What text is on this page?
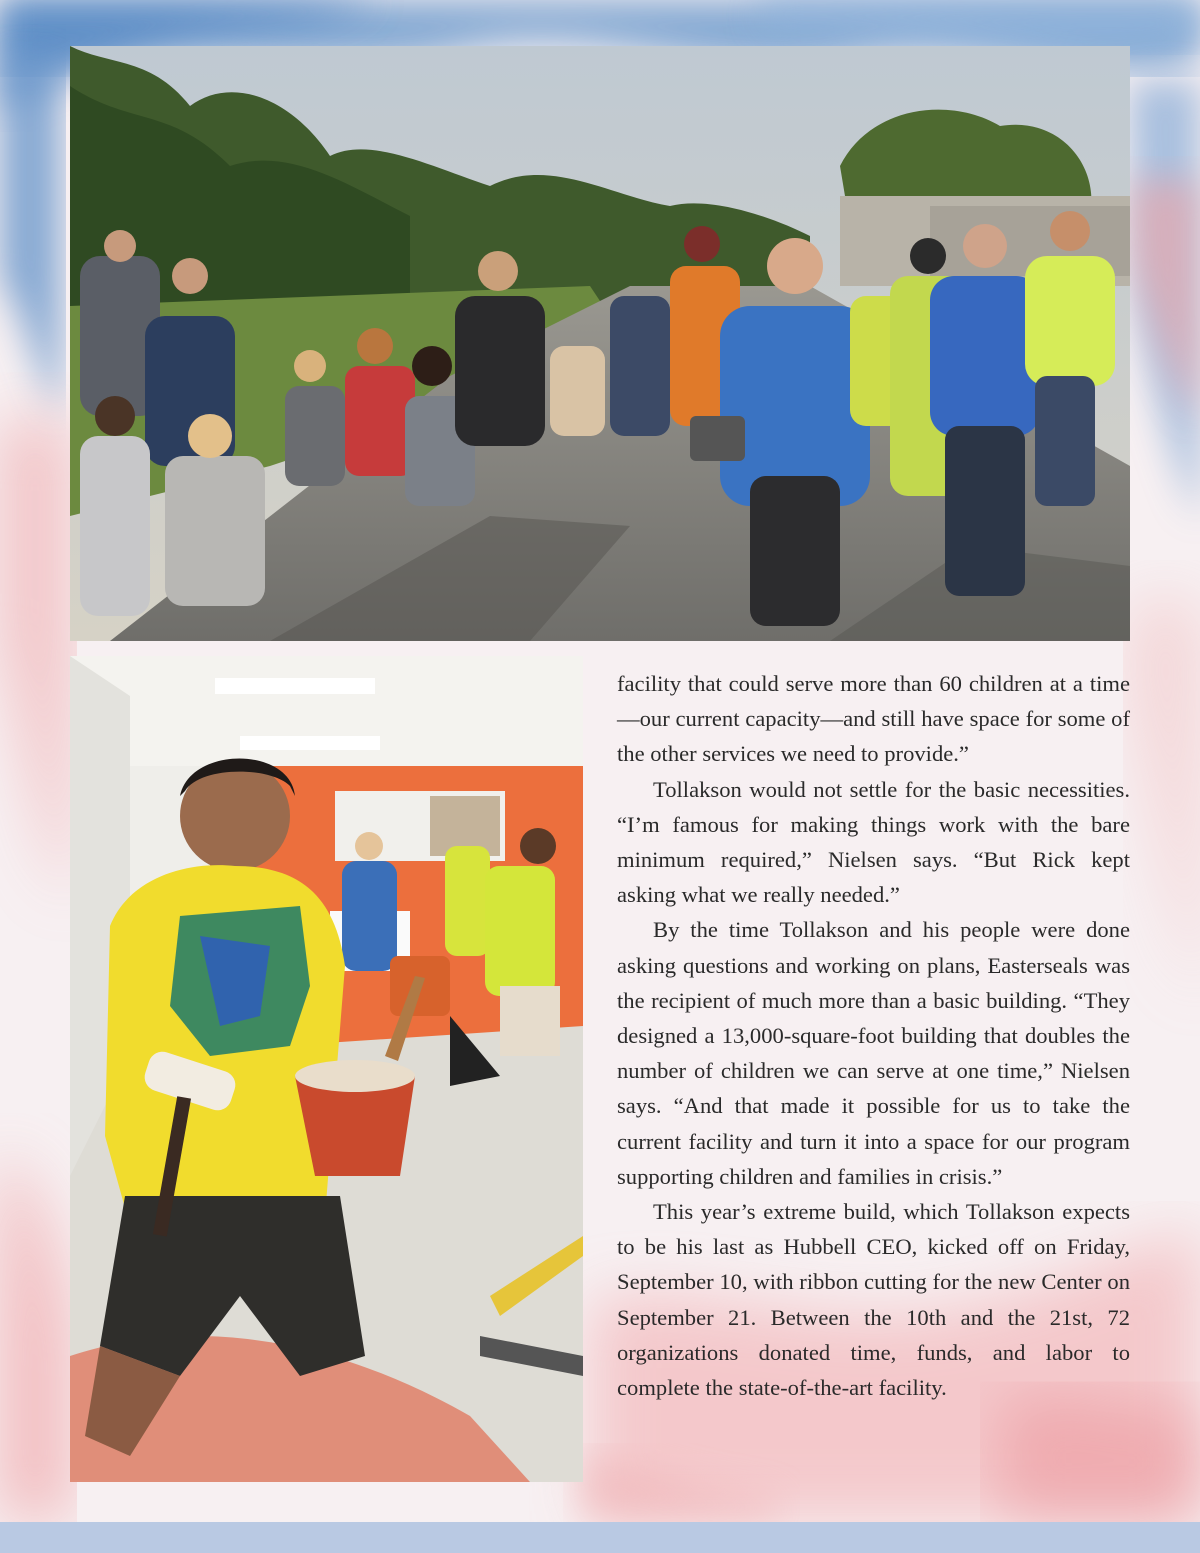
facility that could serve more than 60 children at a time—our current capacity—and still have space for some of the other services we need to provide.”

Tollakson would not settle for the basic necessities. “I’m famous for making things work with the bare minimum required,” Nielsen says. “But Rick kept asking what we really needed.”

By the time Tollakson and his people were done asking questions and working on plans, Easterseals was the recipient of much more than a basic building. “They designed a 13,000-square-foot building that doubles the number of children we can serve at one time,” Nielsen says. “And that made it possible for us to take the current facility and turn it into a space for our program supporting children and families in crisis.”

This year’s extreme build, which Tollakson expects to be his last as Hubbell CEO, kicked off on Friday, September 10, with ribbon cutting for the new Center on September 21. Between the 10th and the 21st, 72 organizations donated time, funds, and labor to complete the state-of-the-art facility.
